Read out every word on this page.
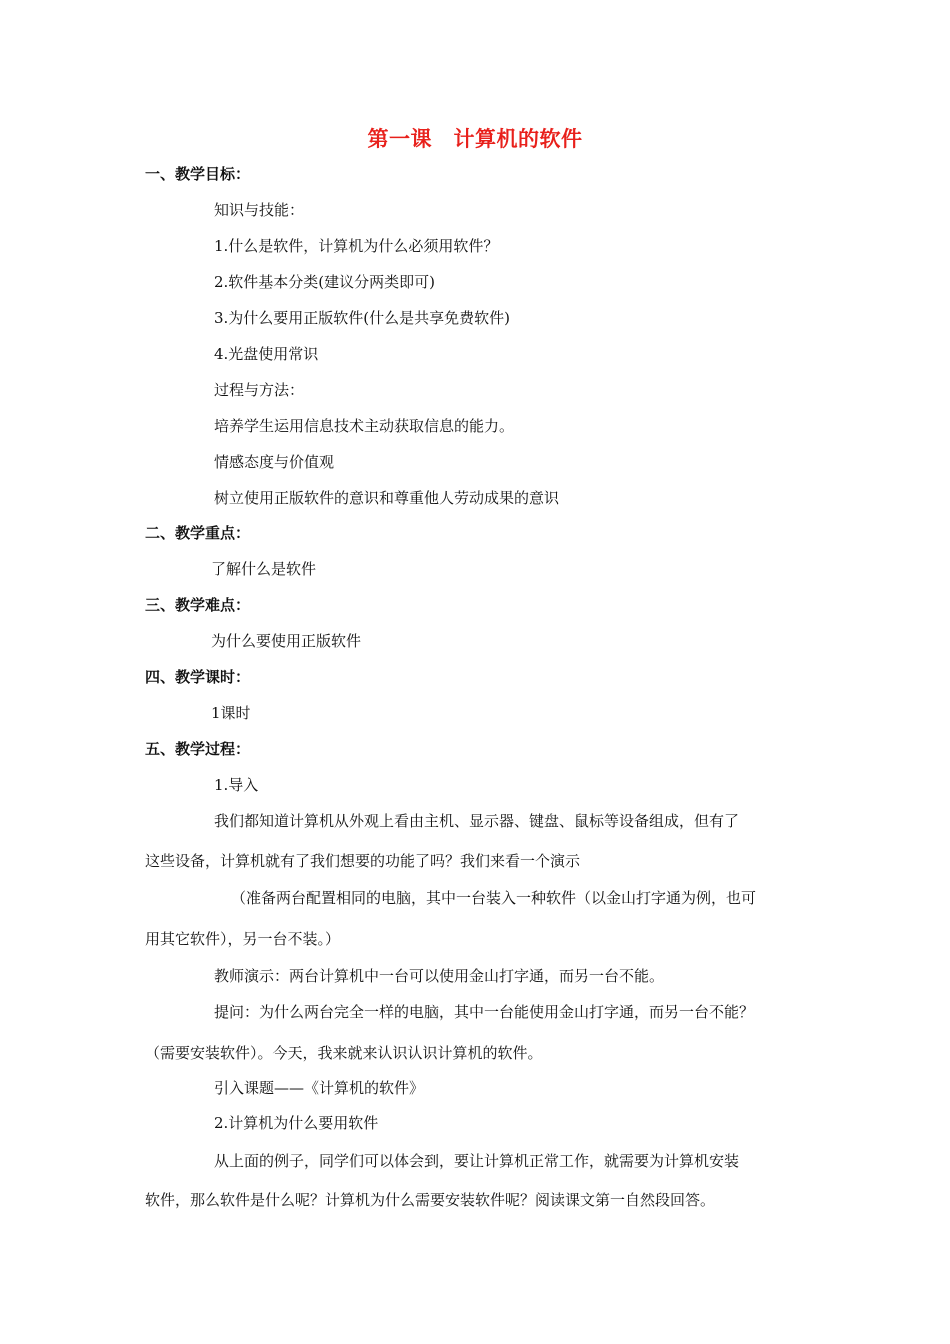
第一课　计算机的软件
一、教学目标：
知识与技能：
1.什么是软件，计算机为什么必须用软件？
2.软件基本分类(建议分两类即可)
3.为什么要用正版软件(什么是共享免费软件)
4.光盘使用常识
过程与方法：
培养学生运用信息技术主动获取信息的能力。
情感态度与价值观
树立使用正版软件的意识和尊重他人劳动成果的意识
二、教学重点：
了解什么是软件
三、教学难点：
为什么要使用正版软件
四、教学课时：
1课时
五、教学过程：
1.导入
我们都知道计算机从外观上看由主机、显示器、键盘、鼠标等设备组成，但有了
这些设备，计算机就有了我们想要的功能了吗？我们来看一个演示
（准备两台配置相同的电脑，其中一台装入一种软件（以金山打字通为例，也可
用其它软件），另一台不装。）
教师演示：两台计算机中一台可以使用金山打字通，而另一台不能。
提问：为什么两台完全一样的电脑，其中一台能使用金山打字通，而另一台不能？
（需要安装软件）。今天，我来就来认识认识计算机的软件。
引入课题——《计算机的软件》
2.计算机为什么要用软件
从上面的例子，同学们可以体会到，要让计算机正常工作，就需要为计算机安装
软件，那么软件是什么呢？计算机为什么需要安装软件呢？阅读课文第一自然段回答。
